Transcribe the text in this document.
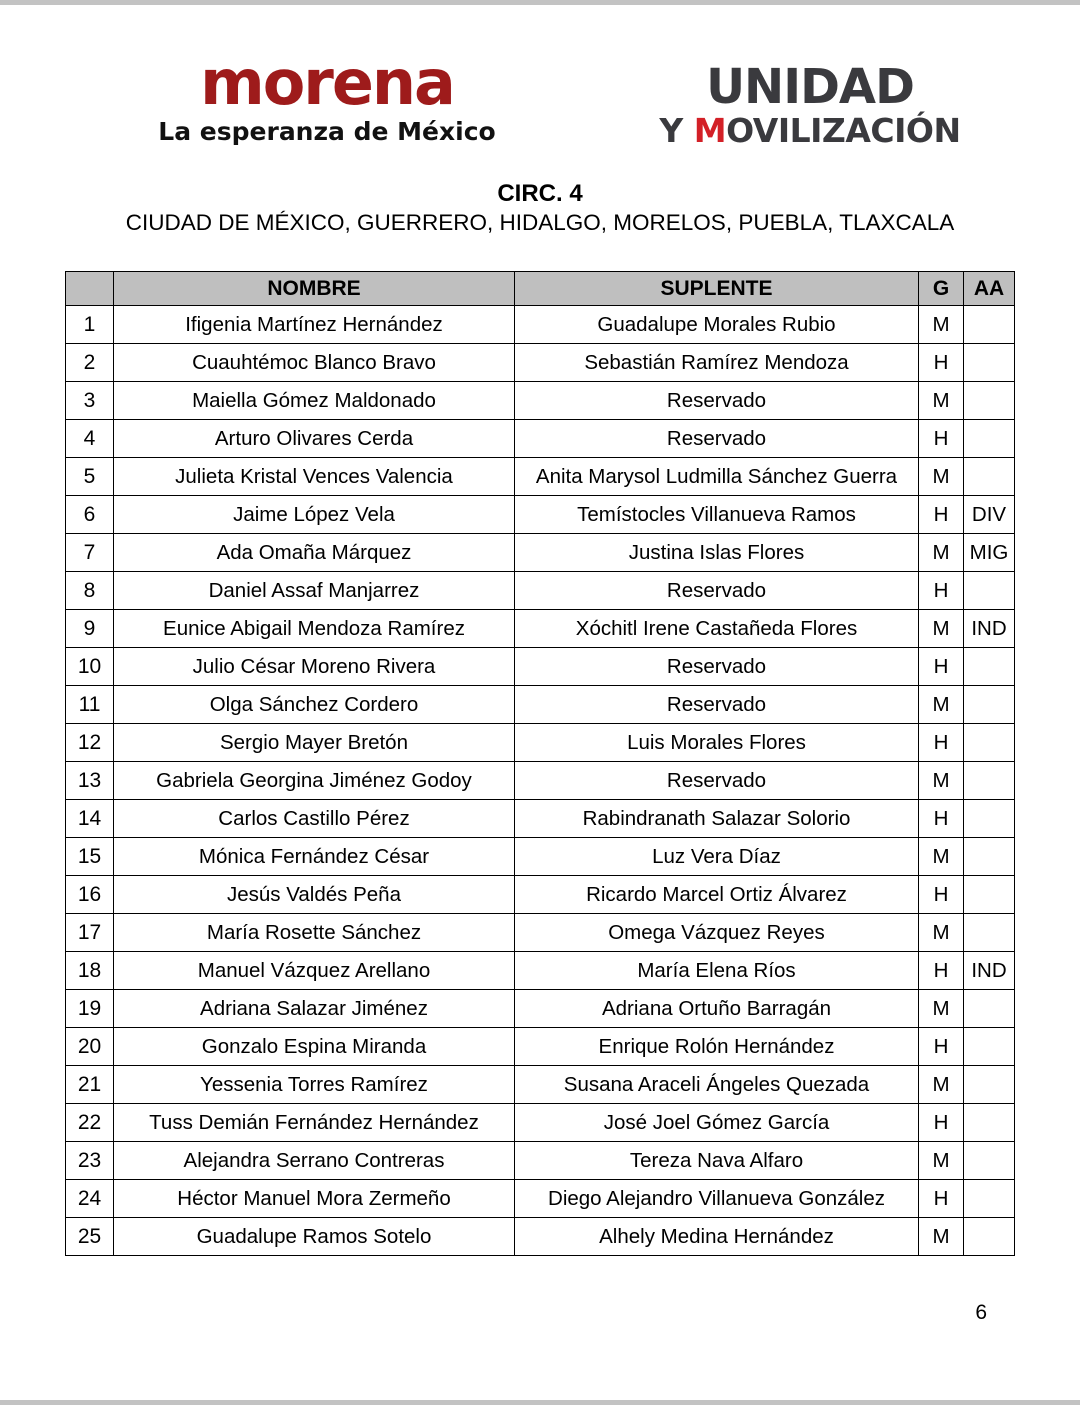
morena
La esperanza de México
UNIDAD
Y MOVILIZACIÓN

CIRC. 4

CIUDAD DE MÉXICO, GUERRERO, HIDALGO, MORELOS, PUEBLA, TLAXCALA

	NOMBRE	SUPLENTE	G	AA
1	Ifigenia Martínez Hernández	Guadalupe Morales Rubio	M	
2	Cuauhtémoc Blanco Bravo	Sebastián Ramírez Mendoza	H	
3	Maiella Gómez Maldonado	Reservado	M	
4	Arturo Olivares Cerda	Reservado	H	
5	Julieta Kristal Vences Valencia	Anita Marysol Ludmilla Sánchez Guerra	M	
6	Jaime López Vela	Temístocles Villanueva Ramos	H	DIV
7	Ada Omaña Márquez	Justina Islas Flores	M	MIG
8	Daniel Assaf Manjarrez	Reservado	H	
9	Eunice Abigail Mendoza Ramírez	Xóchitl Irene Castañeda Flores	M	IND
10	Julio César Moreno Rivera	Reservado	H	
11	Olga Sánchez Cordero	Reservado	M	
12	Sergio Mayer Bretón	Luis Morales Flores	H	
13	Gabriela Georgina Jiménez Godoy	Reservado	M	
14	Carlos Castillo Pérez	Rabindranath Salazar Solorio	H	
15	Mónica Fernández César	Luz Vera Díaz	M	
16	Jesús Valdés Peña	Ricardo Marcel Ortiz Álvarez	H	
17	María Rosette Sánchez	Omega Vázquez Reyes	M	
18	Manuel Vázquez Arellano	María Elena Ríos	H	IND
19	Adriana Salazar Jiménez	Adriana Ortuño Barragán	M	
20	Gonzalo Espina Miranda	Enrique Rolón Hernández	H	
21	Yessenia Torres Ramírez	Susana Araceli Ángeles Quezada	M	
22	Tuss Demián Fernández Hernández	José Joel Gómez García	H	
23	Alejandra Serrano Contreras	Tereza Nava Alfaro	M	
24	Héctor Manuel Mora Zermeño	Diego Alejandro Villanueva González	H	
25	Guadalupe Ramos Sotelo	Alhely Medina Hernández	M	
6
